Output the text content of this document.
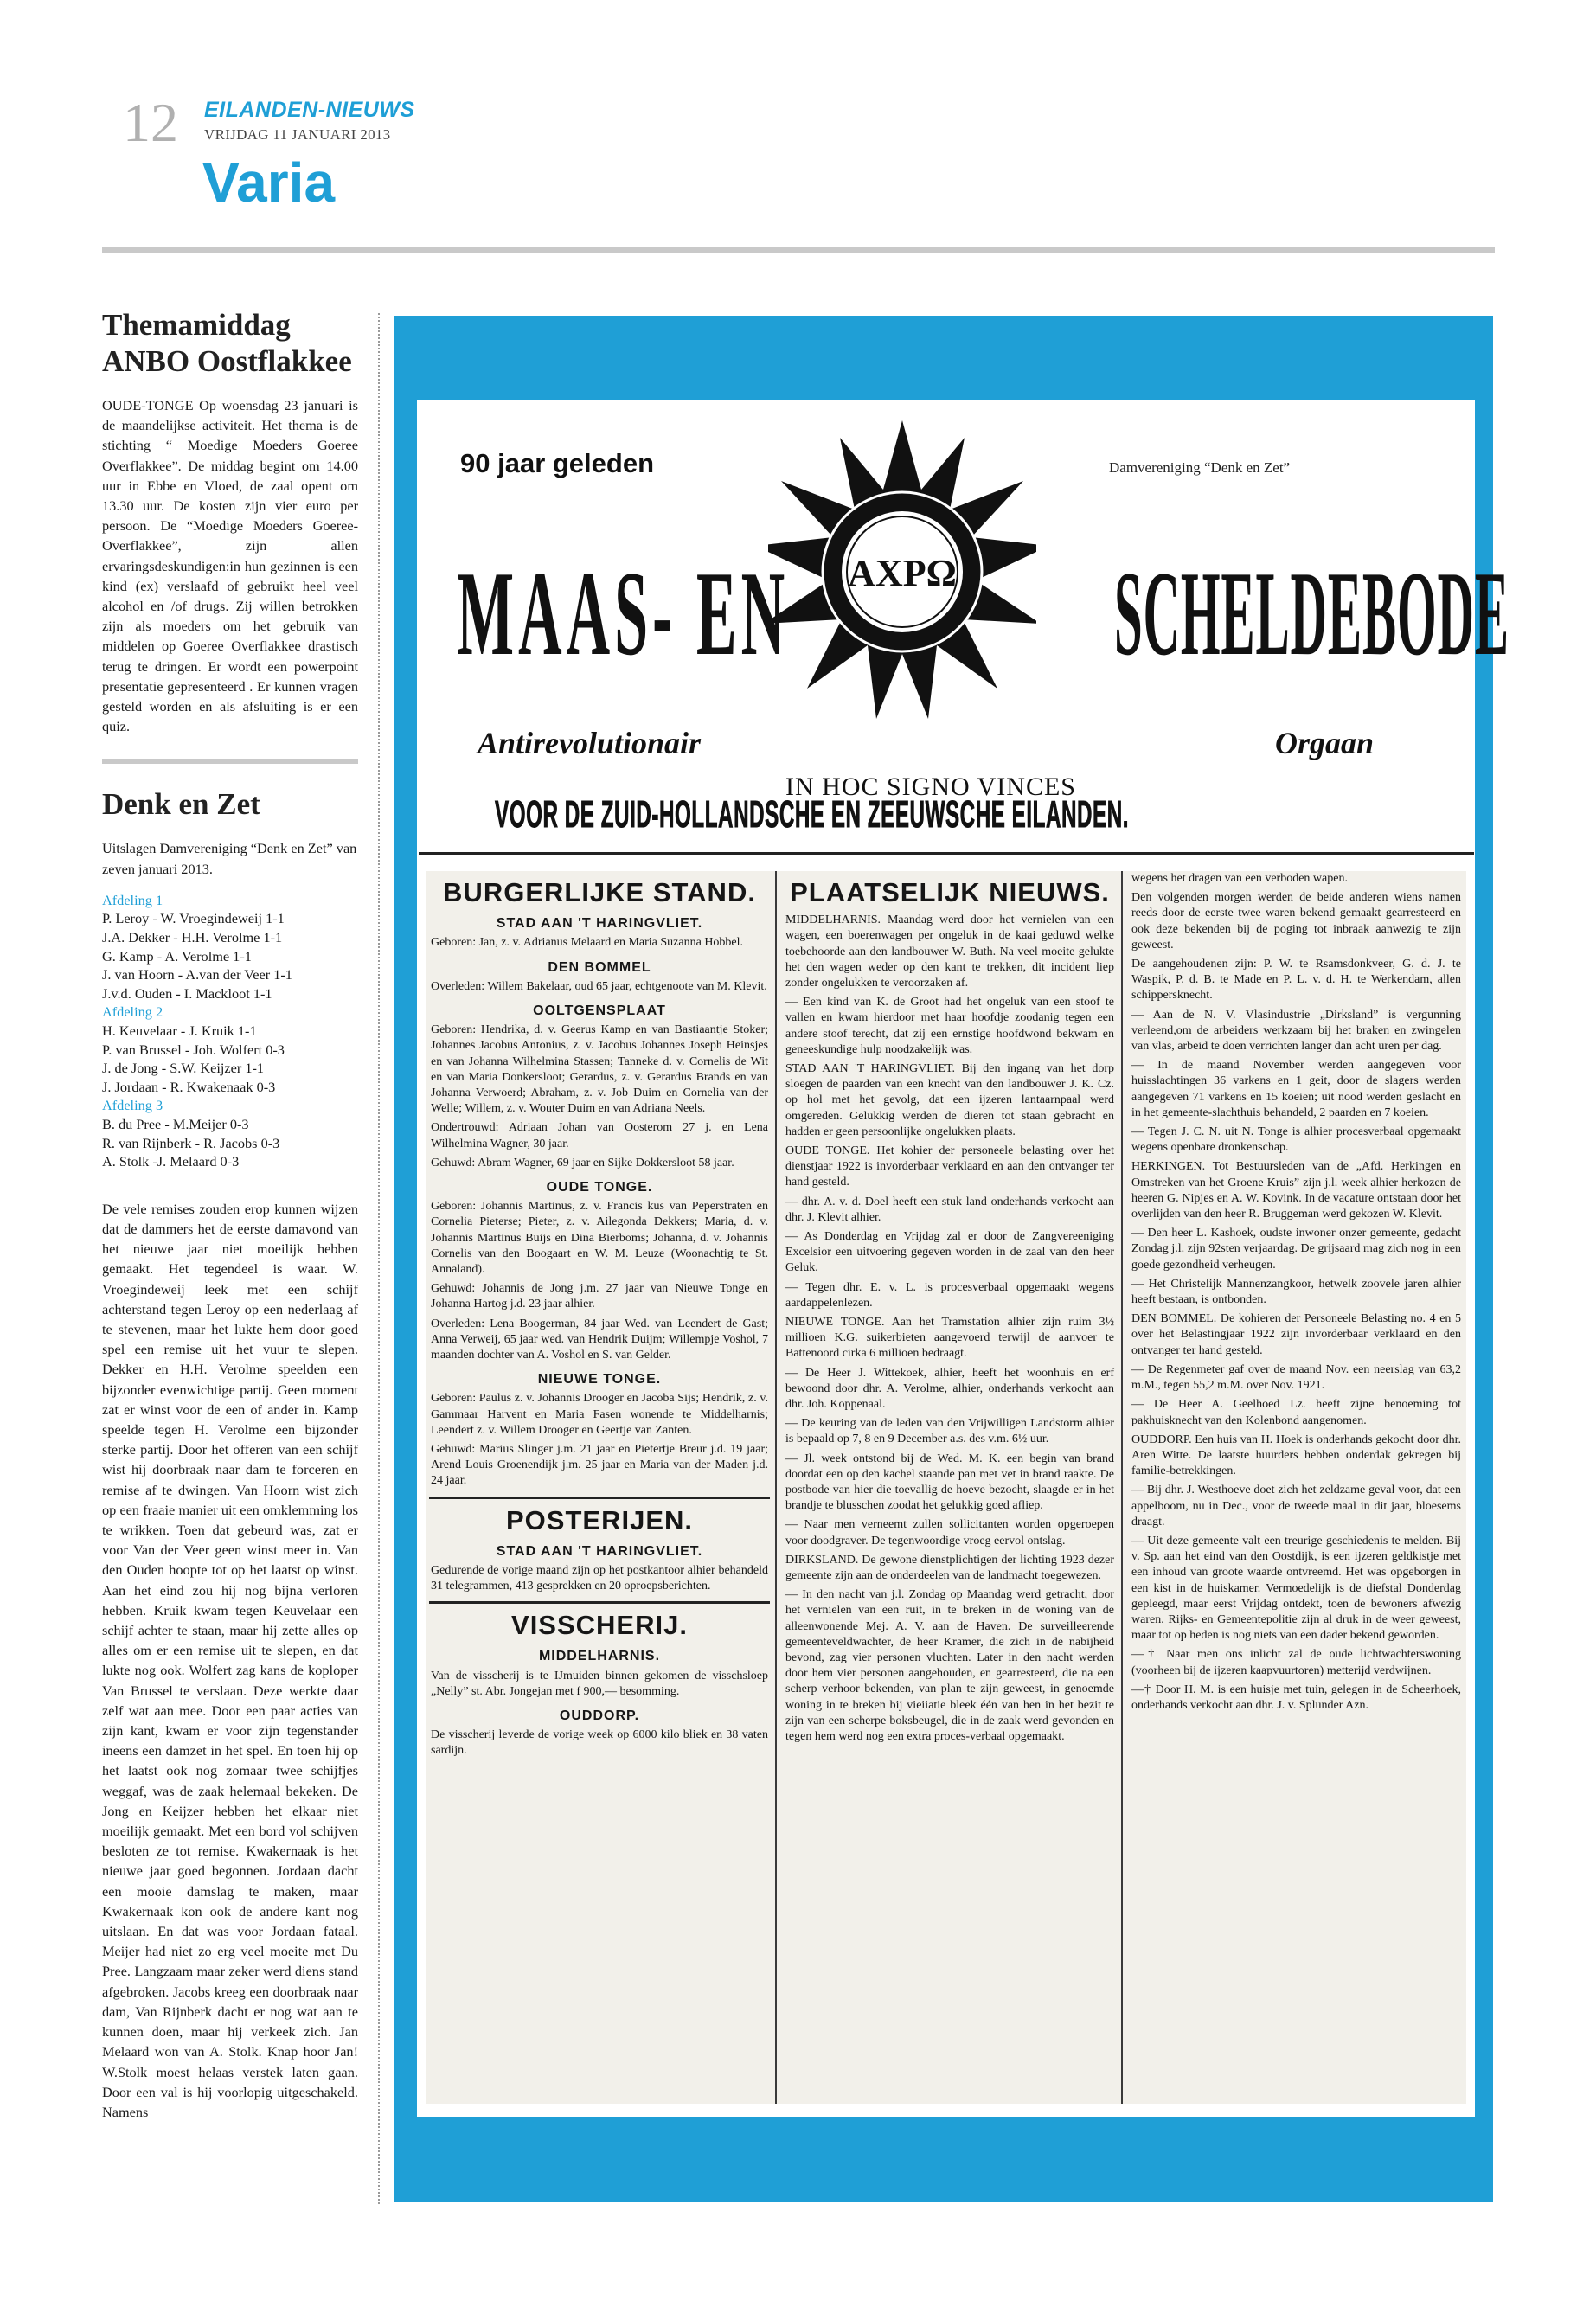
12 EILANDEN-NIEUWS
VRIJDAG 11 JANUARI 2013
Varia
Themamiddag ANBO Oostflakkee

OUDE-TONGE Op woensdag 23 januari is de maandelijkse activiteit. Het thema is de stichting “ Moedige Moeders Goeree Overflakkee”. De middag begint om 14.00 uur in Ebbe en Vloed, de zaal opent om 13.30 uur. De kosten zijn vier euro per persoon. De “Moedige Moeders Goeree- Overflakkee”, zijn allen ervaringsdeskundigen:in hun gezinnen is een kind (ex) verslaafd of gebruikt heel veel alcohol en /of drugs. Zij willen betrokken zijn als moeders om het gebruik van middelen op Goeree Overflakkee drastisch terug te dringen. Er wordt een powerpoint presentatie gepresenteerd . Er kunnen vragen gesteld worden en als afsluiting is er een quiz.

Denk en Zet

Uitslagen Damvereniging “Denk en Zet” van zeven januari 2013.

Afdeling 1
P. Leroy - W. Vroegindeweij 1-1
J.A. Dekker - H.H. Verolme 1-1
G. Kamp - A. Verolme 1-1
J. van Hoorn - A.van der Veer 1-1
J.v.d. Ouden - I. Mackloot 1-1
Afdeling 2
H. Keuvelaar - J. Kruik 1-1
P. van Brussel - Joh. Wolfert 0-3
J. de Jong - S.W. Keijzer 1-1
J. Jordaan - R. Kwakenaak 0-3
Afdeling 3
B. du Pree - M.Meijer 0-3
R. van Rijnberk - R. Jacobs 0-3
A. Stolk -J. Melaard 0-3

De vele remises zouden erop kunnen wijzen dat de dammers het de eerste damavond van het nieuwe jaar niet moeilijk hebben gemaakt. Het tegendeel is waar. W. Vroegindeweij leek met een schijf achterstand tegen Leroy op een nederlaag af te stevenen, maar het lukte hem door goed spel een remise uit het vuur te slepen. Dekker en H.H. Verolme speelden een bijzonder evenwichtige partij. Geen moment zat er winst voor de een of ander in. Kamp speelde tegen H. Verolme een bijzonder sterke partij. Door het offeren van een schijf wist hij doorbraak naar dam te forceren en remise af te dwingen. Van Hoorn wist zich op een fraaie manier uit een omklemming los te wrikken. Toen dat gebeurd was, zat er voor Van der Veer geen winst meer in. Van den Ouden hoopte tot op het laatst op winst. Aan het eind zou hij nog bijna verloren hebben. Kruik kwam tegen Keuvelaar een schijf achter te staan, maar hij zette alles op alles om er een remise uit te slepen, en dat lukte nog ook. Wolfert zag kans de koploper Van Brussel te verslaan. Deze werkte daar zelf wat aan mee. Door een paar acties van zijn kant, kwam er voor zijn tegenstander ineens een damzet in het spel. En toen hij op het laatst ook nog zomaar twee schijfjes weggaf, was de zaak helemaal bekeken. De Jong en Keijzer hebben het elkaar niet moeilijk gemaakt. Met een bord vol schijven besloten ze tot remise. Kwakernaak is het nieuwe jaar goed begonnen. Jordaan dacht een mooie damslag te maken, maar Kwakernaak kon ook de andere kant nog uitslaan. En dat was voor Jordaan fataal. Meijer had niet zo erg veel moeite met Du Pree. Langzaam maar zeker werd diens stand afgebroken. Jacobs kreeg een doorbraak naar dam, Van Rijnberk dacht er nog wat aan te kunnen doen, maar hij verkeek zich. Jan Melaard won van A. Stolk. Knap hoor Jan! W.Stolk moest helaas verstek laten gaan. Door een val is hij voorlopig uitgeschakeld. Namens

90 jaar geleden	Damvereniging “Denk en Zet”
AXPΩ
MAAS- EN	SCHELDEBODE
Antirevolutionair	Orgaan
IN HOC SIGNO VINCES
VOOR DE ZUID-HOLLANDSCHE EN ZEEUWSCHE EILANDEN.
BURGERLIJKE STAND.
STAD AAN 'T HARINGVLIET.

Geboren: Jan, z. v. Adrianus Melaard en Maria Suzanna Hobbel.

DEN BOMMEL

Overleden: Willem Bakelaar, oud 65 jaar, echtgenoote van M. Klevit.

OOLTGENSPLAAT

Geboren: Hendrika, d. v. Geerus Kamp en van Bastiaantje Stoker; Johannes Jacobus Antonius, z. v. Jacobus Johannes Joseph Heinsjes en van Johanna Wilhelmina Stassen; Tanneke d. v. Cornelis de Wit en van Maria Donkersloot; Gerardus, z. v. Gerardus Brands en van Johanna Verwoerd; Abraham, z. v. Job Duim en Cornelia van der Welle; Willem, z. v. Wouter Duim en van Adriana Neels.

Ondertrouwd: Adriaan Johan van Oosterom 27 j. en Lena Wilhelmina Wagner, 30 jaar.

Gehuwd: Abram Wagner, 69 jaar en Sijke Dokkersloot 58 jaar.

OUDE TONGE.

Geboren: Johannis Martinus, z. v. Francis kus van Peperstraten en Cornelia Pieterse; Pieter, z. v. Ailegonda Dekkers; Maria, d. v. Johannis Martinus Buijs en Dina Bierboms; Johanna, d. v. Johannis Cornelis van den Boogaart en W. M. Leuze (Woonachtig te St. Annaland).

Gehuwd: Johannis de Jong j.m. 27 jaar van Nieuwe Tonge en Johanna Hartog j.d. 23 jaar alhier.

Overleden: Lena Boogerman, 84 jaar Wed. van Leendert de Gast; Anna Verweij, 65 jaar wed. van Hendrik Duijm; Willempje Voshol, 7 maanden dochter van A. Voshol en S. van Gelder.

NIEUWE TONGE.

Geboren: Paulus z. v. Johannis Drooger en Jacoba Sijs; Hendrik, z. v. Gammaar Harvent en Maria Fasen wonende te Middelharnis; Leendert z. v. Willem Drooger en Geertje van Zanten.

Gehuwd: Marius Slinger j.m. 21 jaar en Pietertje Breur j.d. 19 jaar; Arend Louis Groenendijk j.m. 25 jaar en Maria van der Maden j.d. 24 jaar.

POSTERIJEN.
STAD AAN 'T HARINGVLIET.

Gedurende de vorige maand zijn op het postkantoor alhier behandeld 31 telegrammen, 413 gesprekken en 20 oproepsberichten.

VISSCHERIJ.
MIDDELHARNIS.

Van de visscherij is te IJmuiden binnen gekomen de visschsloep „Nelly” st. Abr. Jongejan met f 900,— besomming.

OUDDORP.

De visscherij leverde de vorige week op 6000 kilo bliek en 38 vaten sardijn.

PLAATSELIJK NIEUWS.

MIDDELHARNIS. Maandag werd door het vernielen van een wagen, een boerenwagen per ongeluk in de kaai geduwd welke toebehoorde aan den landbouwer W. Buth. Na veel moeite gelukte het den wagen weder op den kant te trekken, dit incident liep zonder ongelukken te veroorzaken af.

— Een kind van K. de Groot had het ongeluk van een stoof te vallen en kwam hierdoor met haar hoofdje zoodanig tegen een andere stoof terecht, dat zij een ernstige hoofdwond bekwam en geneeskundige hulp noodzakelijk was.

STAD AAN 'T HARINGVLIET. Bij den ingang van het dorp sloegen de paarden van een knecht van den landbouwer J. K. Cz. op hol met het gevolg, dat een ijzeren lantaarnpaal werd omgereden. Gelukkig werden de dieren tot staan gebracht en hadden er geen persoonlijke ongelukken plaats.

OUDE TONGE. Het kohier der personeele belasting over het dienstjaar 1922 is invorderbaar verklaard en aan den ontvanger ter hand gesteld.

— dhr. A. v. d. Doel heeft een stuk land onderhands verkocht aan dhr. J. Klevit alhier.

— As Donderdag en Vrijdag zal er door de Zangvereeniging Excelsior een uitvoering gegeven worden in de zaal van den heer Geluk.

— Tegen dhr. E. v. L. is procesverbaal opgemaakt wegens aardappelenlezen.

NIEUWE TONGE. Aan het Tramstation alhier zijn ruim 3½ millioen K.G. suikerbieten aangevoerd terwijl de aanvoer te Battenoord cirka 6 millioen bedraagt.

— De Heer J. Wittekoek, alhier, heeft het woonhuis en erf bewoond door dhr. A. Verolme, alhier, onderhands verkocht aan dhr. Joh. Koppenaal.

— De keuring van de leden van den Vrijwilligen Landstorm alhier is bepaald op 7, 8 en 9 December a.s. des v.m. 6½ uur.

— Jl. week ontstond bij de Wed. M. K. een begin van brand doordat een op den kachel staande pan met vet in brand raakte. De postbode van hier die toevallig de hoeve bezocht, slaagde er in het brandje te blusschen zoodat het gelukkig goed afliep.

— Naar men verneemt zullen sollicitanten worden opgeroepen voor doodgraver. De tegenwoordige vroeg eervol ontslag.

DIRKSLAND. De gewone dienstplichtigen der lichting 1923 dezer gemeente zijn aan de onderdeelen van de landmacht toegewezen.

— In den nacht van j.l. Zondag op Maandag werd getracht, door het vernielen van een ruit, in te breken in de woning van de alleenwonende Mej. A. V. aan de Haven. De surveilleerende gemeenteveldwachter, de heer Kramer, die zich in de nabijheid bevond, zag vier personen vluchten. Later in den nacht werden door hem vier personen aangehouden, en gearresteerd, die na een scherp verhoor bekenden, van plan te zijn geweest, in genoemde woning in te breken bij vieiiatie bleek één van hen in het bezit te zijn van een scherpe boksbeugel, die in de zaak werd gevonden en tegen hem werd nog een extra proces-verbaal opgemaakt.

wegens het dragen van een verboden wapen.

Den volgenden morgen werden de beide anderen wiens namen reeds door de eerste twee waren bekend gemaakt gearresteerd en ook deze bekenden bij de poging tot inbraak aanwezig te zijn geweest.

De aangehoudenen zijn: P. W. te Rsamsdonkveer, G. d. J. te Waspik, P. d. B. te Made en P. L. v. d. H. te Werkendam, allen schippersknecht.

— Aan de N. V. Vlasindustrie „Dirksland” is vergunning verleend,om de arbeiders werkzaam bij het braken en zwingelen van vlas, arbeid te doen verrichten langer dan acht uren per dag.

— In de maand November werden aangegeven voor huisslachtingen 36 varkens en 1 geit, door de slagers werden aangegeven 71 varkens en 15 koeien; uit nood werden geslacht en in het gemeente-slachthuis behandeld, 2 paarden en 7 koeien.

— Tegen J. C. N. uit N. Tonge is alhier procesverbaal opgemaakt wegens openbare dronkenschap.

HERKINGEN. Tot Bestuursleden van de „Afd. Herkingen en Omstreken van het Groene Kruis” zijn j.l. week alhier herkozen de heeren G. Nipjes en A. W. Kovink. In de vacature ontstaan door het overlijden van den heer R. Bruggeman werd gekozen W. Klevit.

— Den heer L. Kashoek, oudste inwoner onzer gemeente, gedacht Zondag j.l. zijn 92sten verjaardag. De grijsaard mag zich nog in een goede gezondheid verheugen.

— Het Christelijk Mannenzangkoor, hetwelk zoovele jaren alhier heeft bestaan, is ontbonden.

DEN BOMMEL. De kohieren der Personeele Belasting no. 4 en 5 over het Belastingjaar 1922 zijn invorderbaar verklaard en den ontvanger ter hand gesteld.

— De Regenmeter gaf over de maand Nov. een neerslag van 63,2 m.M., tegen 55,2 m.M. over Nov. 1921.

— De Heer A. Geelhoed Lz. heeft zijne benoeming tot pakhuisknecht van den Kolenbond aangenomen.

OUDDORP. Een huis van H. Hoek is onderhands gekocht door dhr. Aren Witte. De laatste huurders hebben onderdak gekregen bij familie-betrekkingen.

— Bij dhr. J. Westhoeve doet zich het zeldzame geval voor, dat een appelboom, nu in Dec., voor de tweede maal in dit jaar, bloesems draagt.

— Uit deze gemeente valt een treurige geschiedenis te melden. Bij v. Sp. aan het eind van den Oostdijk, is een ijzeren geldkistje met een inhoud van groote waarde ontvreemd. Het was opgeborgen in een kist in de huiskamer. Vermoedelijk is de diefstal Donderdag gepleegd, maar eerst Vrijdag ontdekt, toen de bewoners afwezig waren. Rijks- en Gemeentepolitie zijn al druk in de weer geweest, maar tot op heden is nog niets van een dader bekend geworden.

—† Naar men ons inlicht zal de oude lichtwachterswoning (voorheen bij de ijzeren kaapvuurtoren) metterijd verdwijnen.

—† Door H. M. is een huisje met tuin, gelegen in de Scheerhoek, onderhands verkocht aan dhr. J. v. Splunder Azn.
